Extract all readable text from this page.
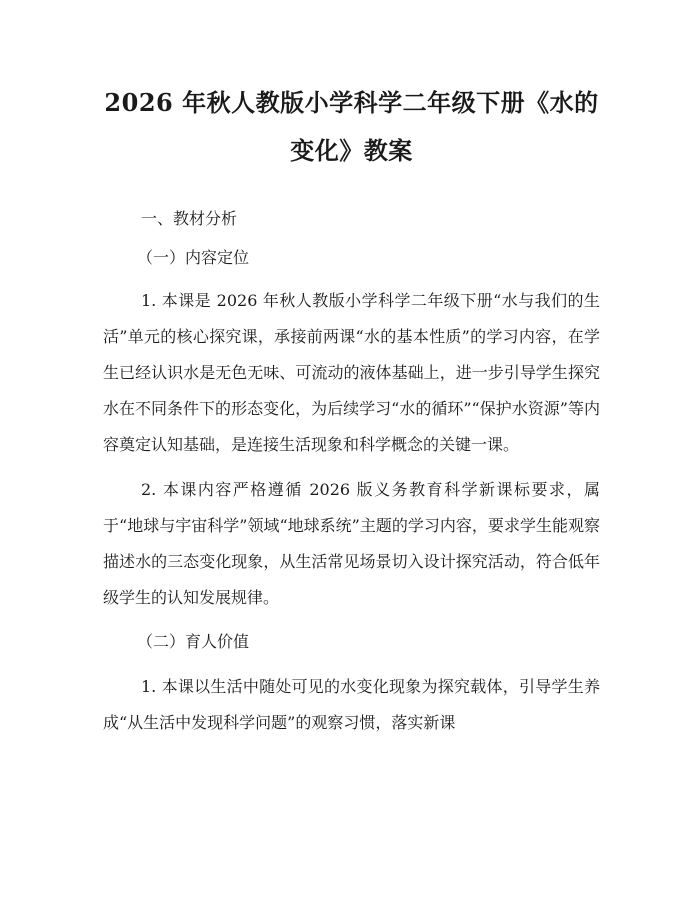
2026 年秋人教版小学科学二年级下册《水的
变化》教案
一、教材分析
（一）内容定位

1. 本课是 2026 年秋人教版小学科学二年级下册“水与我们的生活”单元的核心探究课，承接前两课“水的基本性质”的学习内容，在学生已经认识水是无色无味、可流动的液体基础上，进一步引导学生探究水在不同条件下的形态变化，为后续学习“水的循环”“保护水资源”等内容奠定认知基础，是连接生活现象和科学概念的关键一课。

2. 本课内容严格遵循 2026 版义务教育科学新课标要求，属于“地球与宇宙科学”领域“地球系统”主题的学习内容，要求学生能观察描述水的三态变化现象，从生活常见场景切入设计探究活动，符合低年级学生的认知发展规律。

（二）育人价值

1. 本课以生活中随处可见的水变化现象为探究载体，引导学生养成“从生活中发现科学问题”的观察习惯，落实新课
